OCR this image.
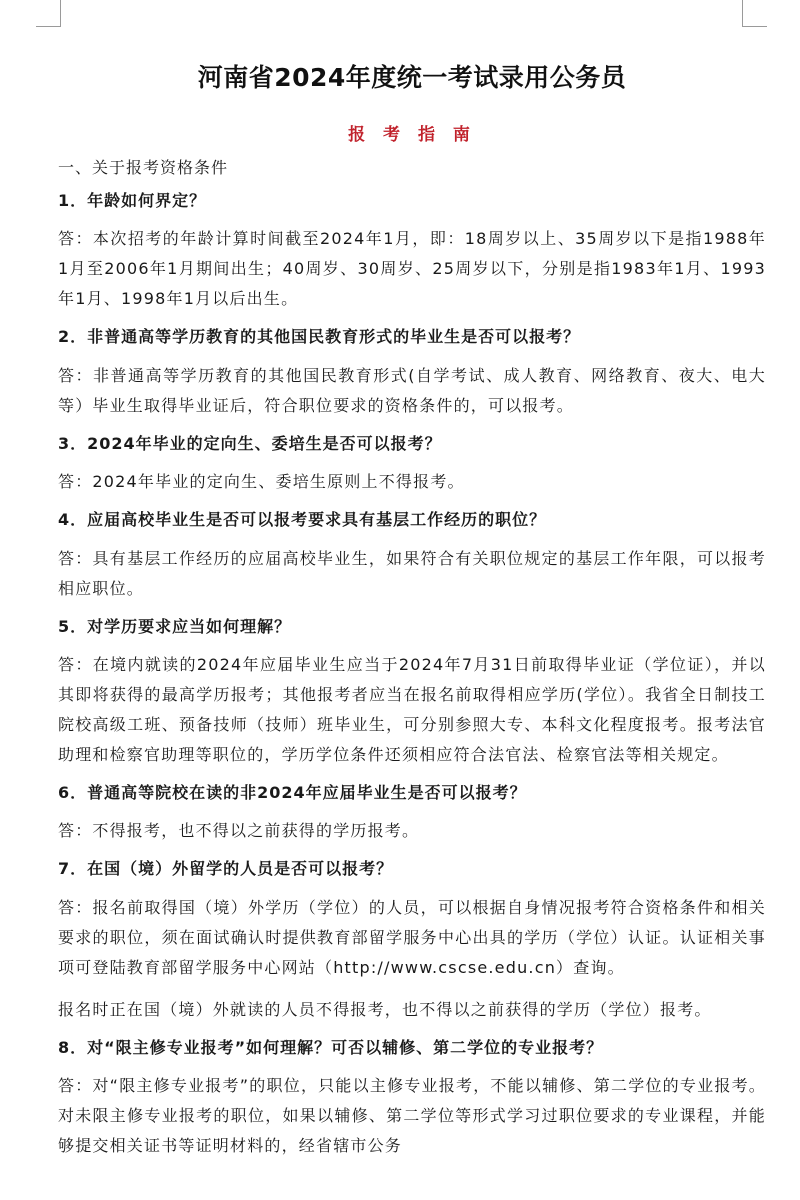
河南省2024年度统一考试录用公务员
报 考 指 南
一、关于报考资格条件
1．年龄如何界定？
答：本次招考的年龄计算时间截至2024年1月，即：18周岁以上、35周岁以下是指1988年1月至2006年1月期间出生；40周岁、30周岁、25周岁以下，分别是指1983年1月、1993年1月、1998年1月以后出生。
2．非普通高等学历教育的其他国民教育形式的毕业生是否可以报考？
答：非普通高等学历教育的其他国民教育形式(自学考试、成人教育、网络教育、夜大、电大等）毕业生取得毕业证后，符合职位要求的资格条件的，可以报考。
3．2024年毕业的定向生、委培生是否可以报考？
答：2024年毕业的定向生、委培生原则上不得报考。
4．应届高校毕业生是否可以报考要求具有基层工作经历的职位？
答：具有基层工作经历的应届高校毕业生，如果符合有关职位规定的基层工作年限，可以报考相应职位。
5．对学历要求应当如何理解？
答：在境内就读的2024年应届毕业生应当于2024年7月31日前取得毕业证（学位证），并以其即将获得的最高学历报考；其他报考者应当在报名前取得相应学历(学位）。我省全日制技工院校高级工班、预备技师（技师）班毕业生，可分别参照大专、本科文化程度报考。报考法官助理和检察官助理等职位的，学历学位条件还须相应符合法官法、检察官法等相关规定。
6．普通高等院校在读的非2024年应届毕业生是否可以报考？
答：不得报考，也不得以之前获得的学历报考。
7．在国（境）外留学的人员是否可以报考？
答：报名前取得国（境）外学历（学位）的人员，可以根据自身情况报考符合资格条件和相关要求的职位，须在面试确认时提供教育部留学服务中心出具的学历（学位）认证。认证相关事项可登陆教育部留学服务中心网站（http://www.cscse.edu.cn）查询。
报名时正在国（境）外就读的人员不得报考，也不得以之前获得的学历（学位）报考。
8．对“限主修专业报考”如何理解？可否以辅修、第二学位的专业报考？
答：对“限主修专业报考”的职位，只能以主修专业报考，不能以辅修、第二学位的专业报考。对未限主修专业报考的职位，如果以辅修、第二学位等形式学习过职位要求的专业课程，并能够提交相关证书等证明材料的，经省辖市公务
